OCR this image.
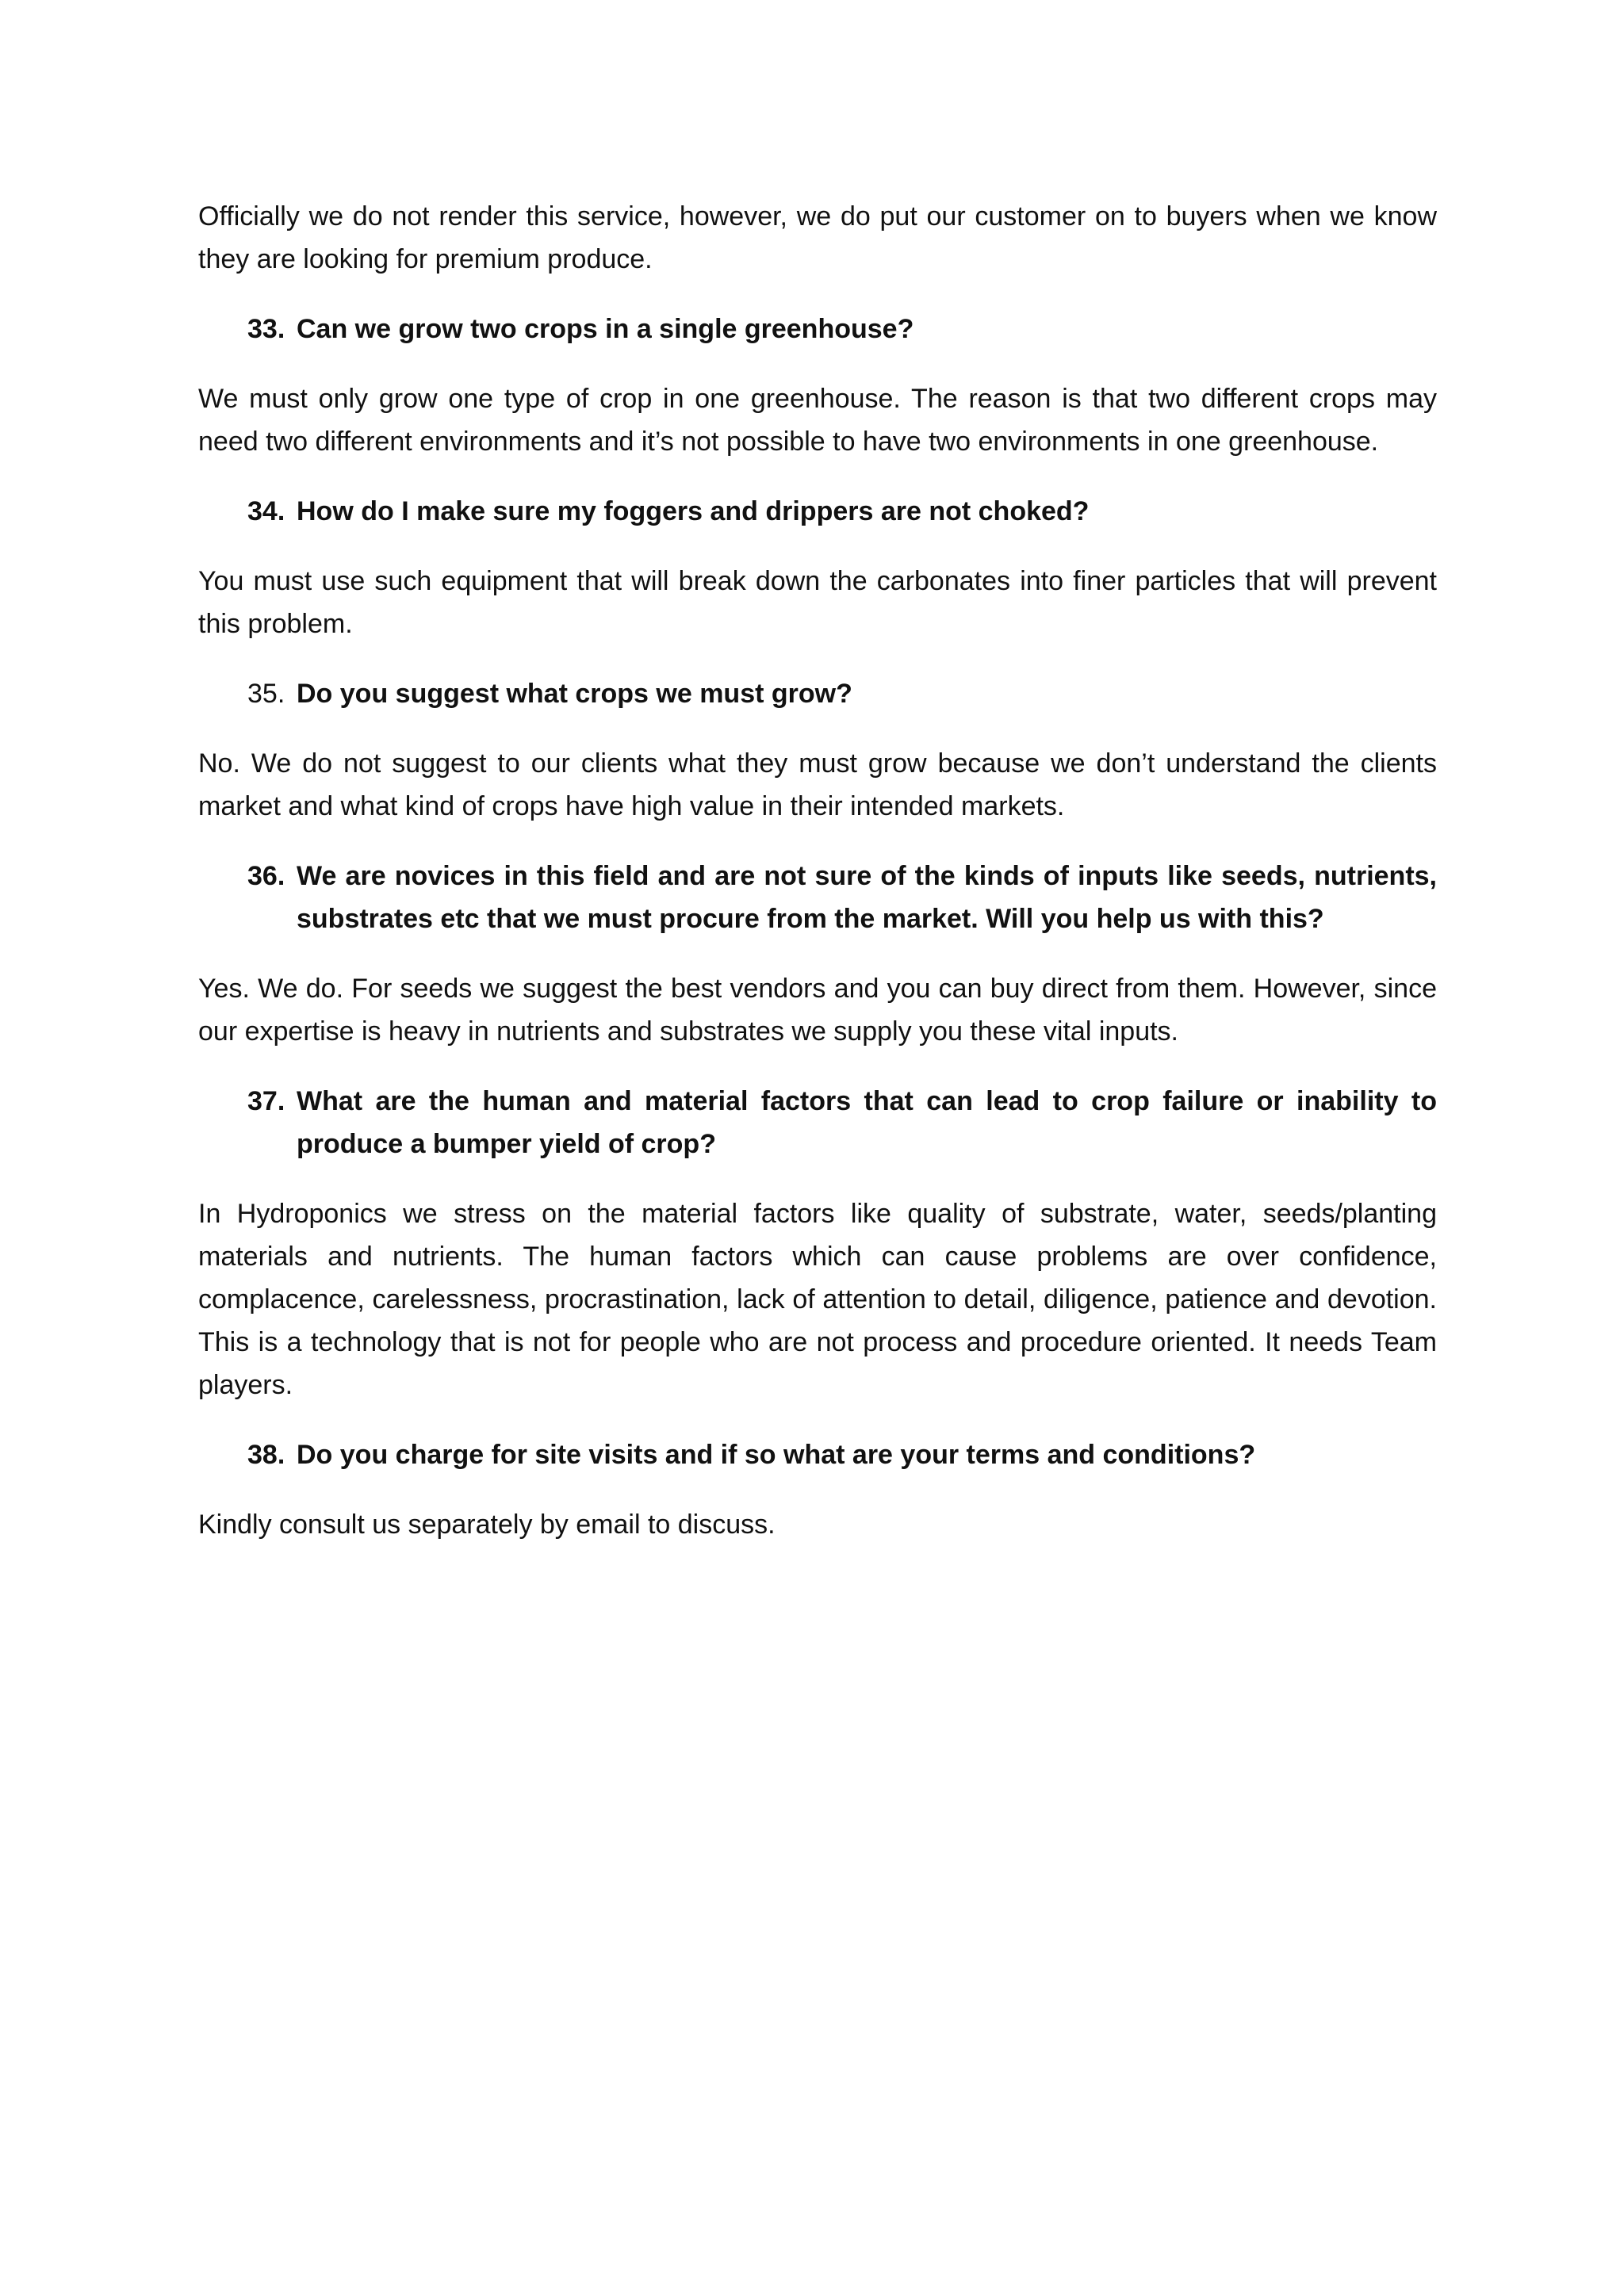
Officially we do not render this service, however, we do put our customer on to buyers when we know they are looking for premium produce.

33. Can we grow two crops in a single greenhouse?

We must only grow one type of crop in one greenhouse. The reason is that two different crops may need two different environments and it’s not possible to have two environments in one greenhouse.

34. How do I make sure my foggers and drippers are not choked?

You must use such equipment that will break down the carbonates into finer particles that will prevent this problem.

35. Do you suggest what crops we must grow?

No. We do not suggest to our clients what they must grow because we don’t understand the clients market and what kind of crops have high value in their intended markets.

36. We are novices in this field and are not sure of the kinds of inputs like seeds, nutrients, substrates etc that we must procure from the market. Will you help us with this?

Yes. We do. For seeds we suggest the best vendors and you can buy direct from them. However, since our expertise is heavy in nutrients and substrates we supply you these vital inputs.

37. What are the human and material factors that can lead to crop failure or inability to produce a bumper yield of crop?

In Hydroponics we stress on the material factors like quality of substrate, water, seeds/planting materials and nutrients. The human factors which can cause problems are over confidence, complacence, carelessness, procrastination, lack of attention to detail, diligence, patience and devotion. This is a technology that is not for people who are not process and procedure oriented. It needs Team players.

38. Do you charge for site visits and if so what are your terms and conditions?

Kindly consult us separately by email to discuss.
